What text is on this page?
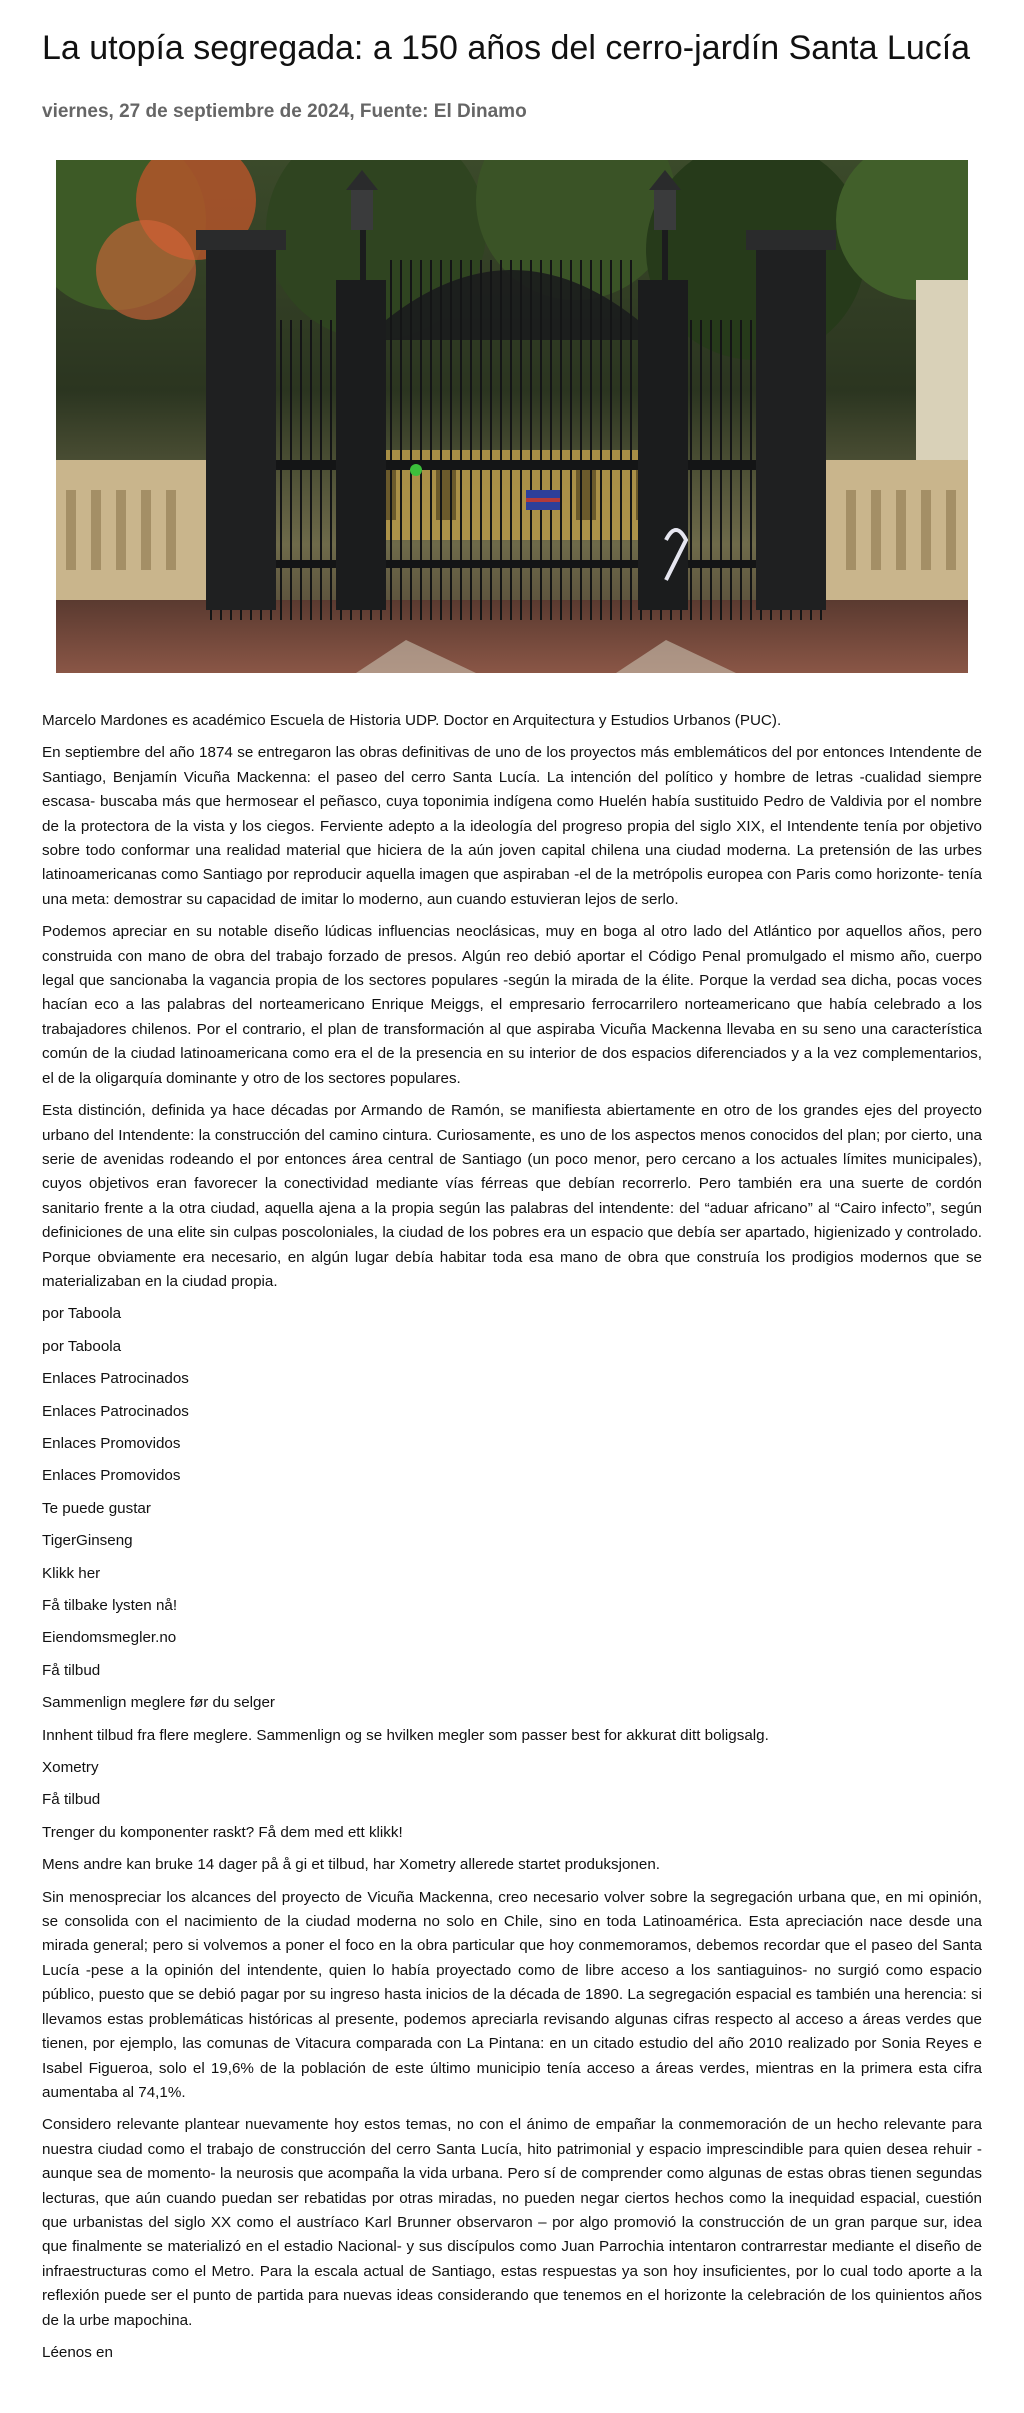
La utopía segregada: a 150 años del cerro-jardín Santa Lucía
viernes, 27 de septiembre de 2024, Fuente: El Dinamo

Marcelo Mardones es académico Escuela de Historia UDP. Doctor en Arquitectura y Estudios Urbanos (PUC).

En septiembre del año 1874 se entregaron las obras definitivas de uno de los proyectos más emblemáticos del por entonces Intendente de Santiago, Benjamín Vicuña Mackenna: el paseo del cerro Santa Lucía. La intención del político y hombre de letras -cualidad siempre escasa- buscaba más que hermosear el peñasco, cuya toponimia indígena como Huelén había sustituido Pedro de Valdivia por el nombre de la protectora de la vista y los ciegos. Ferviente adepto a la ideología del progreso propia del siglo XIX, el Intendente tenía por objetivo sobre todo conformar una realidad material que hiciera de la aún joven capital chilena una ciudad moderna. La pretensión de las urbes latinoamericanas como Santiago por reproducir aquella imagen que aspiraban -el de la metrópolis europea con Paris como horizonte- tenía una meta: demostrar su capacidad de imitar lo moderno, aun cuando estuvieran lejos de serlo.

Podemos apreciar en su notable diseño lúdicas influencias neoclásicas, muy en boga al otro lado del Atlántico por aquellos años, pero construida con mano de obra del trabajo forzado de presos. Algún reo debió aportar el Código Penal promulgado el mismo año, cuerpo legal que sancionaba la vagancia propia de los sectores populares -según la mirada de la élite. Porque la verdad sea dicha, pocas voces hacían eco a las palabras del norteamericano Enrique Meiggs, el empresario ferrocarrilero norteamericano que había celebrado a los trabajadores chilenos. Por el contrario, el plan de transformación al que aspiraba Vicuña Mackenna llevaba en su seno una característica común de la ciudad latinoamericana como era el de la presencia en su interior de dos espacios diferenciados y a la vez complementarios, el de la oligarquía dominante y otro de los sectores populares.

Esta distinción, definida ya hace décadas por Armando de Ramón, se manifiesta abiertamente en otro de los grandes ejes del proyecto urbano del Intendente: la construcción del camino cintura. Curiosamente, es uno de los aspectos menos conocidos del plan; por cierto, una serie de avenidas rodeando el por entonces área central de Santiago (un poco menor, pero cercano a los actuales límites municipales), cuyos objetivos eran favorecer la conectividad mediante vías férreas que debían recorrerlo. Pero también era una suerte de cordón sanitario frente a la otra ciudad, aquella ajena a la propia según las palabras del intendente: del “aduar africano” al “Cairo infecto”, según definiciones de una elite sin culpas poscoloniales, la ciudad de los pobres era un espacio que debía ser apartado, higienizado y controlado. Porque obviamente era necesario, en algún lugar debía habitar toda esa mano de obra que construía los prodigios modernos que se materializaban en la ciudad propia.

por Taboola

por Taboola

Enlaces Patrocinados

Enlaces Patrocinados

Enlaces Promovidos

Enlaces Promovidos

Te puede gustar

TigerGinseng

Klikk her

Få tilbake lysten nå!

Eiendomsmegler.no

Få tilbud

Sammenlign meglere før du selger

Innhent tilbud fra flere meglere. Sammenlign og se hvilken megler som passer best for akkurat ditt boligsalg.

Xometry

Få tilbud

Trenger du komponenter raskt? Få dem med ett klikk!

Mens andre kan bruke 14 dager på å gi et tilbud, har Xometry allerede startet produksjonen.

Sin menospreciar los alcances del proyecto de Vicuña Mackenna, creo necesario volver sobre la segregación urbana que, en mi opinión, se consolida con el nacimiento de la ciudad moderna no solo en Chile, sino en toda Latinoamérica. Esta apreciación nace desde una mirada general; pero si volvemos a poner el foco en la obra particular que hoy conmemoramos, debemos recordar que el paseo del Santa Lucía -pese a la opinión del intendente, quien lo había proyectado como de libre acceso a los santiaguinos- no surgió como espacio público, puesto que se debió pagar por su ingreso hasta inicios de la década de 1890. La segregación espacial es también una herencia: si llevamos estas problemáticas históricas al presente, podemos apreciarla revisando algunas cifras respecto al acceso a áreas verdes que tienen, por ejemplo, las comunas de Vitacura comparada con La Pintana: en un citado estudio del año 2010 realizado por Sonia Reyes e Isabel Figueroa, solo el 19,6% de la población de este último municipio tenía acceso a áreas verdes, mientras en la primera esta cifra aumentaba al 74,1%.

Considero relevante plantear nuevamente hoy estos temas, no con el ánimo de empañar la conmemoración de un hecho relevante para nuestra ciudad como el trabajo de construcción del cerro Santa Lucía, hito patrimonial y espacio imprescindible para quien desea rehuir -aunque sea de momento- la neurosis que acompaña la vida urbana. Pero sí de comprender como algunas de estas obras tienen segundas lecturas, que aún cuando puedan ser rebatidas por otras miradas, no pueden negar ciertos hechos como la inequidad espacial, cuestión que urbanistas del siglo XX como el austríaco Karl Brunner observaron – por algo promovió la construcción de un gran parque sur, idea que finalmente se materializó en el estadio Nacional- y sus discípulos como Juan Parrochia intentaron contrarrestar mediante el diseño de infraestructuras como el Metro. Para la escala actual de Santiago, estas respuestas ya son hoy insuficientes, por lo cual todo aporte a la reflexión puede ser el punto de partida para nuevas ideas considerando que tenemos en el horizonte la celebración de los quinientos años de la urbe mapochina.

Léenos en
